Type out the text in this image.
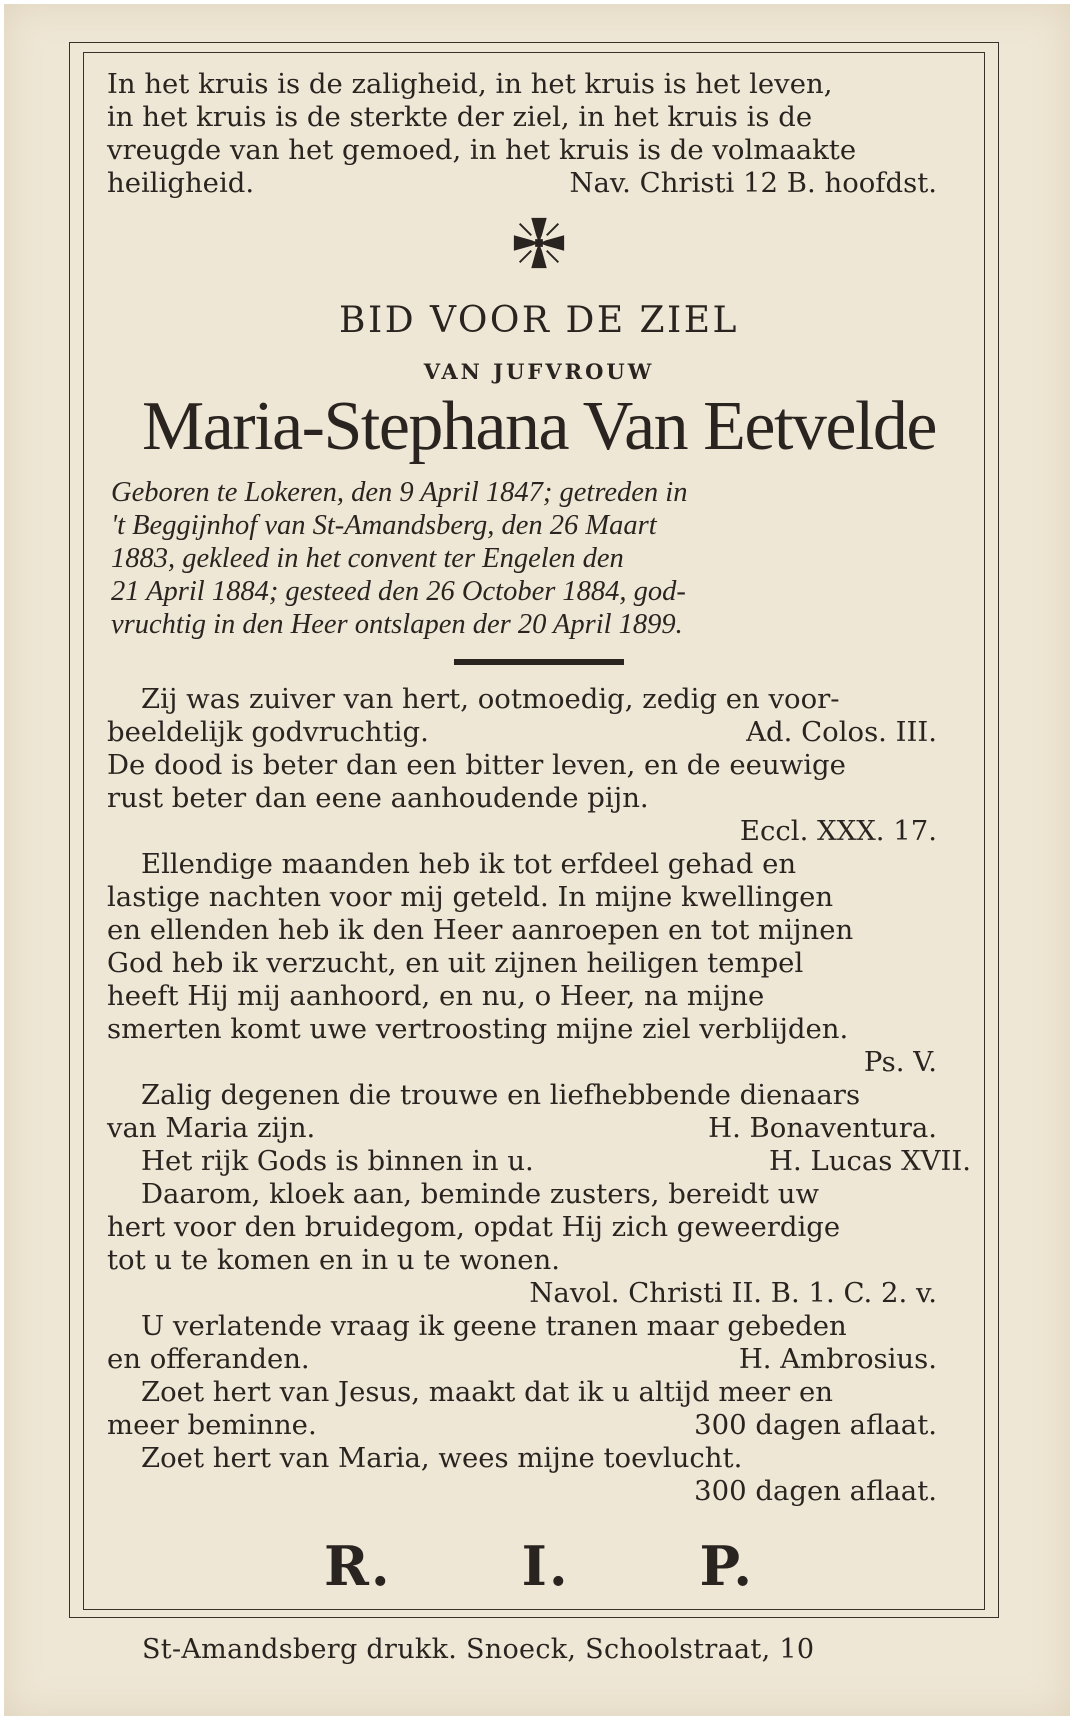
In het kruis is de zaligheid, in het kruis is het leven,
in het kruis is de sterkte der ziel, in het kruis is de
vreugde van het gemoed, in het kruis is de volmaakte
heiligheid.	Nav. Christi 12 B. hoofdst.
BID VOOR DE ZIEL
VAN JUFVROUW
Maria-Stephana Van Eetvelde
Geboren te Lokeren, den 9 April 1847; getreden in
't Beggijnhof van St-Amandsberg, den 26 Maart
1883, gekleed in het convent ter Engelen den
21 April 1884; gesteed den 26 October 1884, god-
vruchtig in den Heer ontslapen der 20 April 1899.
Zij was zuiver van hert, ootmoedig, zedig en voor-
beeldelijk godvruchtig.	Ad. Colos. III.
De dood is beter dan een bitter leven, en de eeuwige
rust beter dan eene aanhoudende pijn.
Eccl. XXX. 17.
Ellendige maanden heb ik tot erfdeel gehad en
lastige nachten voor mij geteld. In mijne kwellingen
en ellenden heb ik den Heer aanroepen en tot mijnen
God heb ik verzucht, en uit zijnen heiligen tempel
heeft Hij mij aanhoord, en nu, o Heer, na mijne
smerten komt uwe vertroosting mijne ziel verblijden.
Ps. V.
Zalig degenen die trouwe en liefhebbende dienaars
van Maria zijn.	H. Bonaventura.
Het rijk Gods is binnen in u.	H. Lucas XVII.
Daarom, kloek aan, beminde zusters, bereidt uw
hert voor den bruidegom, opdat Hij zich geweerdige
tot u te komen en in u te wonen.
Navol. Christi II. B. 1. C. 2. v.
U verlatende vraag ik geene tranen maar gebeden
en offeranden.	H. Ambrosius.
Zoet hert van Jesus, maakt dat ik u altijd meer en
meer beminne.	300 dagen aflaat.
Zoet hert van Maria, wees mijne toevlucht.
300 dagen aflaat.
R. I. P.
St-Amandsberg drukk. Snoeck, Schoolstraat, 10
